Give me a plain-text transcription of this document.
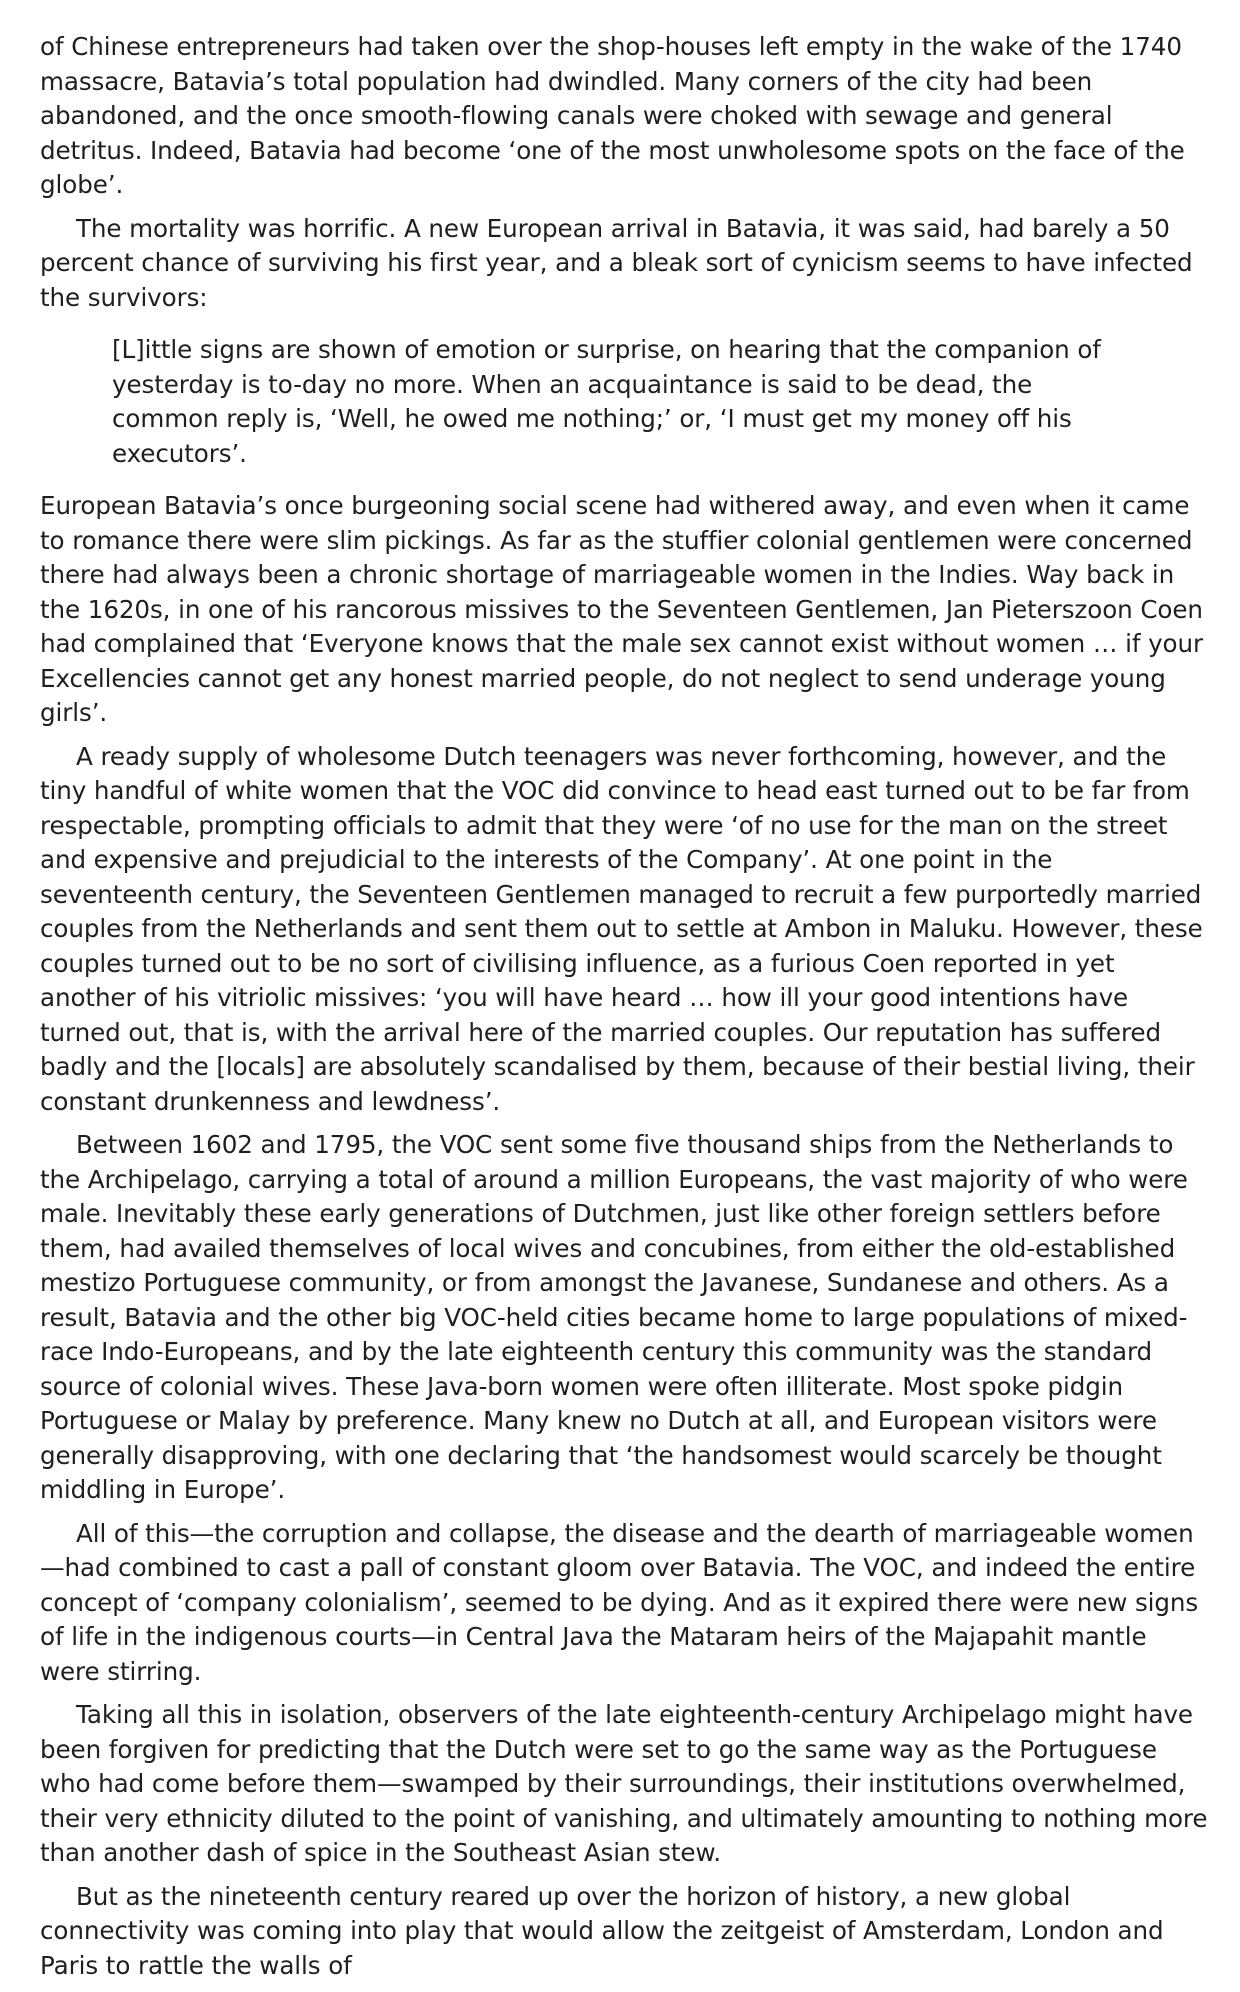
of Chinese entrepreneurs had taken over the shop-houses left empty in the wake of the 1740 massacre, Batavia’s total population had dwindled. Many corners of the city had been abandoned, and the once smooth-flowing canals were choked with sewage and general detritus. Indeed, Batavia had become ‘one of the most unwholesome spots on the face of the globe’.

The mortality was horrific. A new European arrival in Batavia, it was said, had barely a 50 percent chance of surviving his first year, and a bleak sort of cynicism seems to have infected the survivors:

[L]ittle signs are shown of emotion or surprise, on hearing that the companion of yesterday is to-day no more. When an acquaintance is said to be dead, the common reply is, ‘Well, he owed me nothing;’ or, ‘I must get my money off his executors’.

European Batavia’s once burgeoning social scene had withered away, and even when it came to romance there were slim pickings. As far as the stuffier colonial gentlemen were concerned there had always been a chronic shortage of marriageable women in the Indies. Way back in the 1620s, in one of his rancorous missives to the Seventeen Gentlemen, Jan Pieterszoon Coen had complained that ‘Everyone knows that the male sex cannot exist without women … if your Excellencies cannot get any honest married people, do not neglect to send underage young girls’.

A ready supply of wholesome Dutch teenagers was never forthcoming, however, and the tiny handful of white women that the VOC did convince to head east turned out to be far from respectable, prompting officials to admit that they were ‘of no use for the man on the street and expensive and prejudicial to the interests of the Company’. At one point in the seventeenth century, the Seventeen Gentlemen managed to recruit a few purportedly married couples from the Netherlands and sent them out to settle at Ambon in Maluku. However, these couples turned out to be no sort of civilising influence, as a furious Coen reported in yet another of his vitriolic missives: ‘you will have heard … how ill your good intentions have turned out, that is, with the arrival here of the married couples. Our reputation has suffered badly and the [locals] are absolutely scandalised by them, because of their bestial living, their constant drunkenness and lewdness’.

Between 1602 and 1795, the VOC sent some five thousand ships from the Netherlands to the Archipelago, carrying a total of around a million Europeans, the vast majority of who were male. Inevitably these early generations of Dutchmen, just like other foreign settlers before them, had availed themselves of local wives and concubines, from either the old-established mestizo Portuguese community, or from amongst the Javanese, Sundanese and others. As a result, Batavia and the other big VOC-held cities became home to large populations of mixed-race Indo-Europeans, and by the late eighteenth century this community was the standard source of colonial wives. These Java-born women were often illiterate. Most spoke pidgin Portuguese or Malay by preference. Many knew no Dutch at all, and European visitors were generally disapproving, with one declaring that ‘the handsomest would scarcely be thought middling in Europe’.

All of this—the corruption and collapse, the disease and the dearth of marriageable women—had combined to cast a pall of constant gloom over Batavia. The VOC, and indeed the entire concept of ‘company colonialism’, seemed to be dying. And as it expired there were new signs of life in the indigenous courts—in Central Java the Mataram heirs of the Majapahit mantle were stirring.

Taking all this in isolation, observers of the late eighteenth-century Archipelago might have been forgiven for predicting that the Dutch were set to go the same way as the Portuguese who had come before them—swamped by their surroundings, their institutions overwhelmed, their very ethnicity diluted to the point of vanishing, and ultimately amounting to nothing more than another dash of spice in the Southeast Asian stew.

But as the nineteenth century reared up over the horizon of history, a new global connectivity was coming into play that would allow the zeitgeist of Amsterdam, London and Paris to rattle the walls of
